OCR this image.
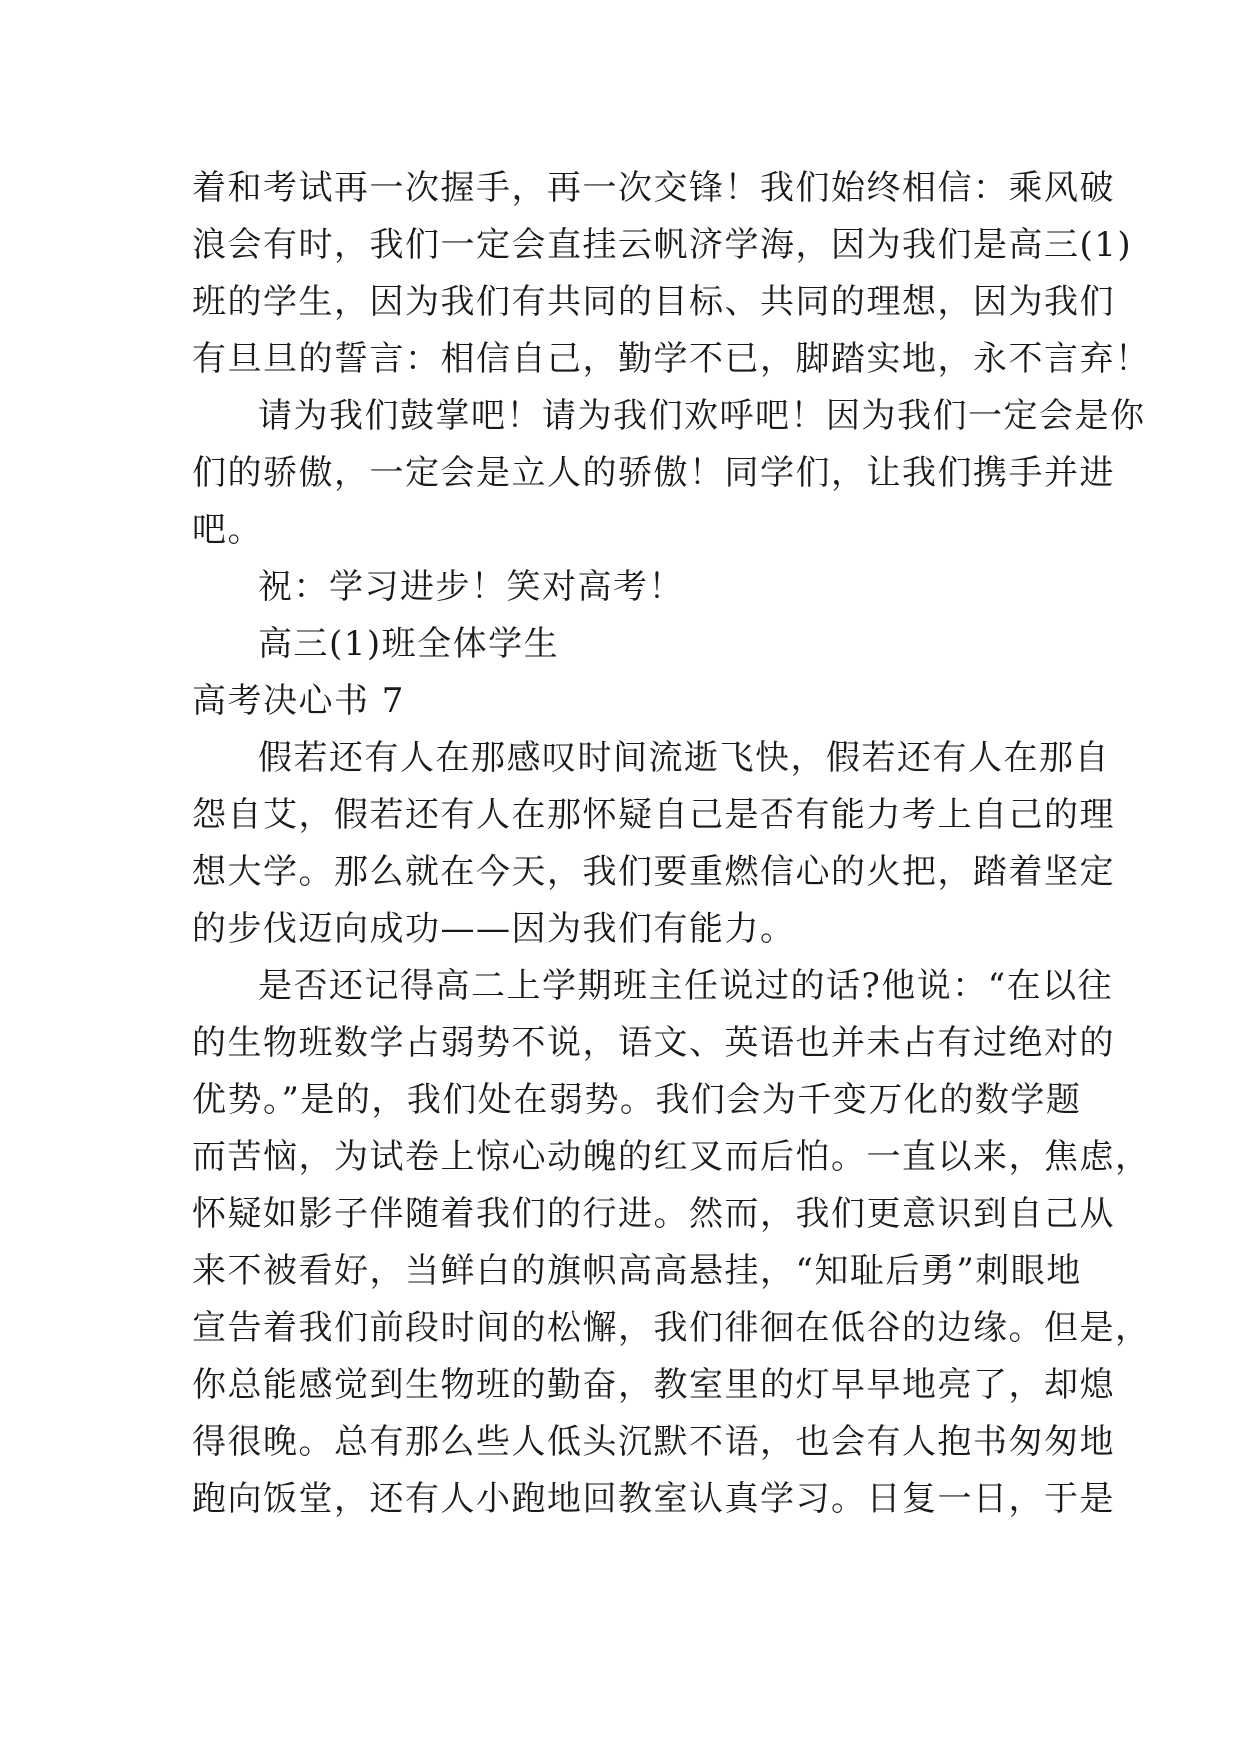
着和考试再一次握手，再一次交锋！我们始终相信：乘风破
浪会有时，我们一定会直挂云帆济学海，因为我们是高三(1)
班的学生，因为我们有共同的目标、共同的理想，因为我们
有旦旦的誓言：相信自己，勤学不已，脚踏实地，永不言弃！
请为我们鼓掌吧！请为我们欢呼吧！因为我们一定会是你
们的骄傲，一定会是立人的骄傲！同学们，让我们携手并进
吧。
祝：学习进步！笑对高考！
高三(1)班全体学生
高考决心书 7
假若还有人在那感叹时间流逝飞快，假若还有人在那自
怨自艾，假若还有人在那怀疑自己是否有能力考上自己的理
想大学。那么就在今天，我们要重燃信心的火把，踏着坚定
的步伐迈向成功——因为我们有能力。
是否还记得高二上学期班主任说过的话?他说：“在以往
的生物班数学占弱势不说，语文、英语也并未占有过绝对的
优势。”是的，我们处在弱势。我们会为千变万化的数学题
而苦恼，为试卷上惊心动魄的红叉而后怕。一直以来，焦虑，
怀疑如影子伴随着我们的行进。然而，我们更意识到自己从
来不被看好，当鲜白的旗帜高高悬挂，“知耻后勇”刺眼地
宣告着我们前段时间的松懈，我们徘徊在低谷的边缘。但是，
你总能感觉到生物班的勤奋，教室里的灯早早地亮了，却熄
得很晚。总有那么些人低头沉默不语，也会有人抱书匆匆地
跑向饭堂，还有人小跑地回教室认真学习。日复一日，于是
